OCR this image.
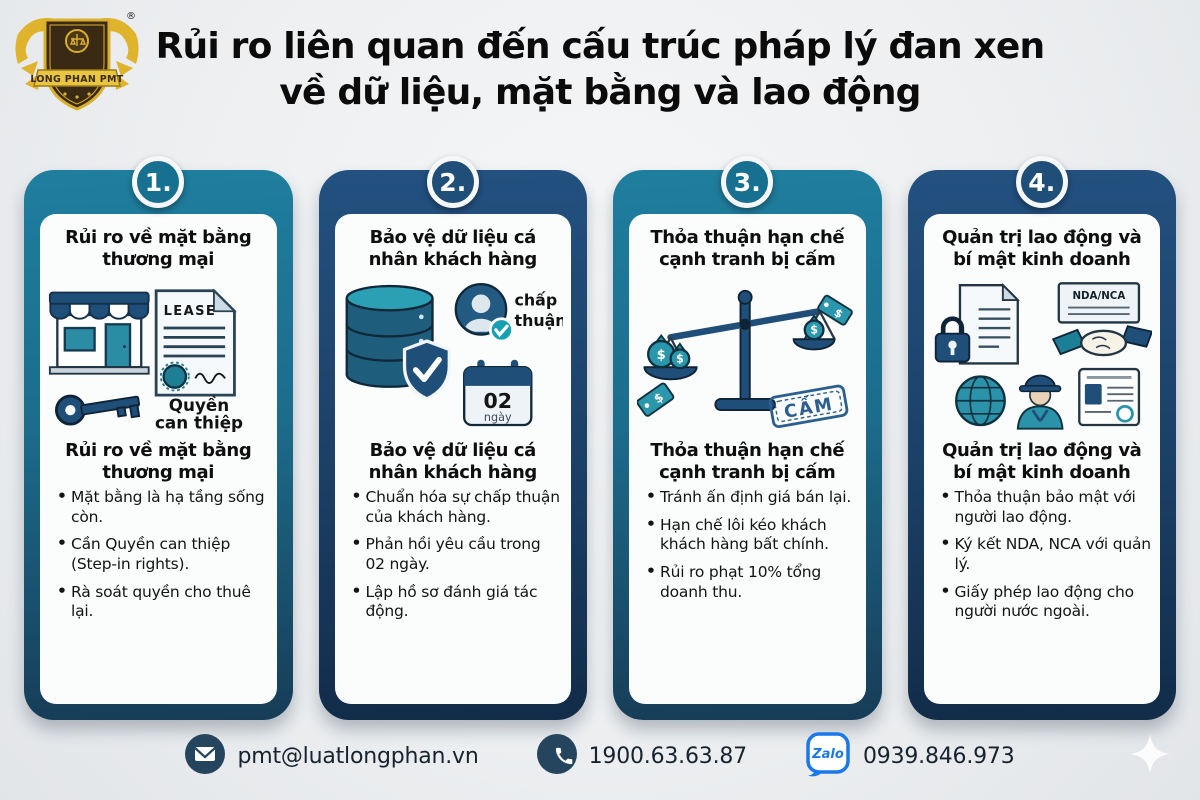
LONG PHAN PMT
®
Rủi ro liên quan đến cấu trúc pháp lý đan xen
về dữ liệu, mặt bằng và lao động
1.
Rủi ro về mặt bằng thương mại
LEASE
Quyền
can thiệp
Rủi ro về mặt bằng thương mại
• Mặt bằng là hạ tầng sống còn.
• Cần Quyền can thiệp (Step-in rights).
• Rà soát quyền cho thuê lại.
2.
Bảo vệ dữ liệu cá nhân khách hàng
chấp
thuận
02
ngày
Bảo vệ dữ liệu cá nhân khách hàng
• Chuẩn hóa sự chấp thuận của khách hàng.
• Phản hồi yêu cầu trong 02 ngày.
• Lập hồ sơ đánh giá tác động.
3.
Thỏa thuận hạn chế cạnh tranh bị cấm
$ $
$
$
$	CẤM
Thỏa thuận hạn chế cạnh tranh bị cấm
• Tránh ấn định giá bán lại.
• Hạn chế lôi kéo khách khách hàng bất chính.
• Rủi ro phạt 10% tổng doanh thu.
4.
Quản trị lao động và bí mật kinh doanh
NDA/NCA
Quản trị lao động và bí mật kinh doanh
• Thỏa thuận bảo mật với người lao động.
• Ký kết NDA, NCA với quản lý.
• Giấy phép lao động cho người nước ngoài.
pmt@luatlongphan.vn	1900.63.63.87	Zalo 0939.846.973
